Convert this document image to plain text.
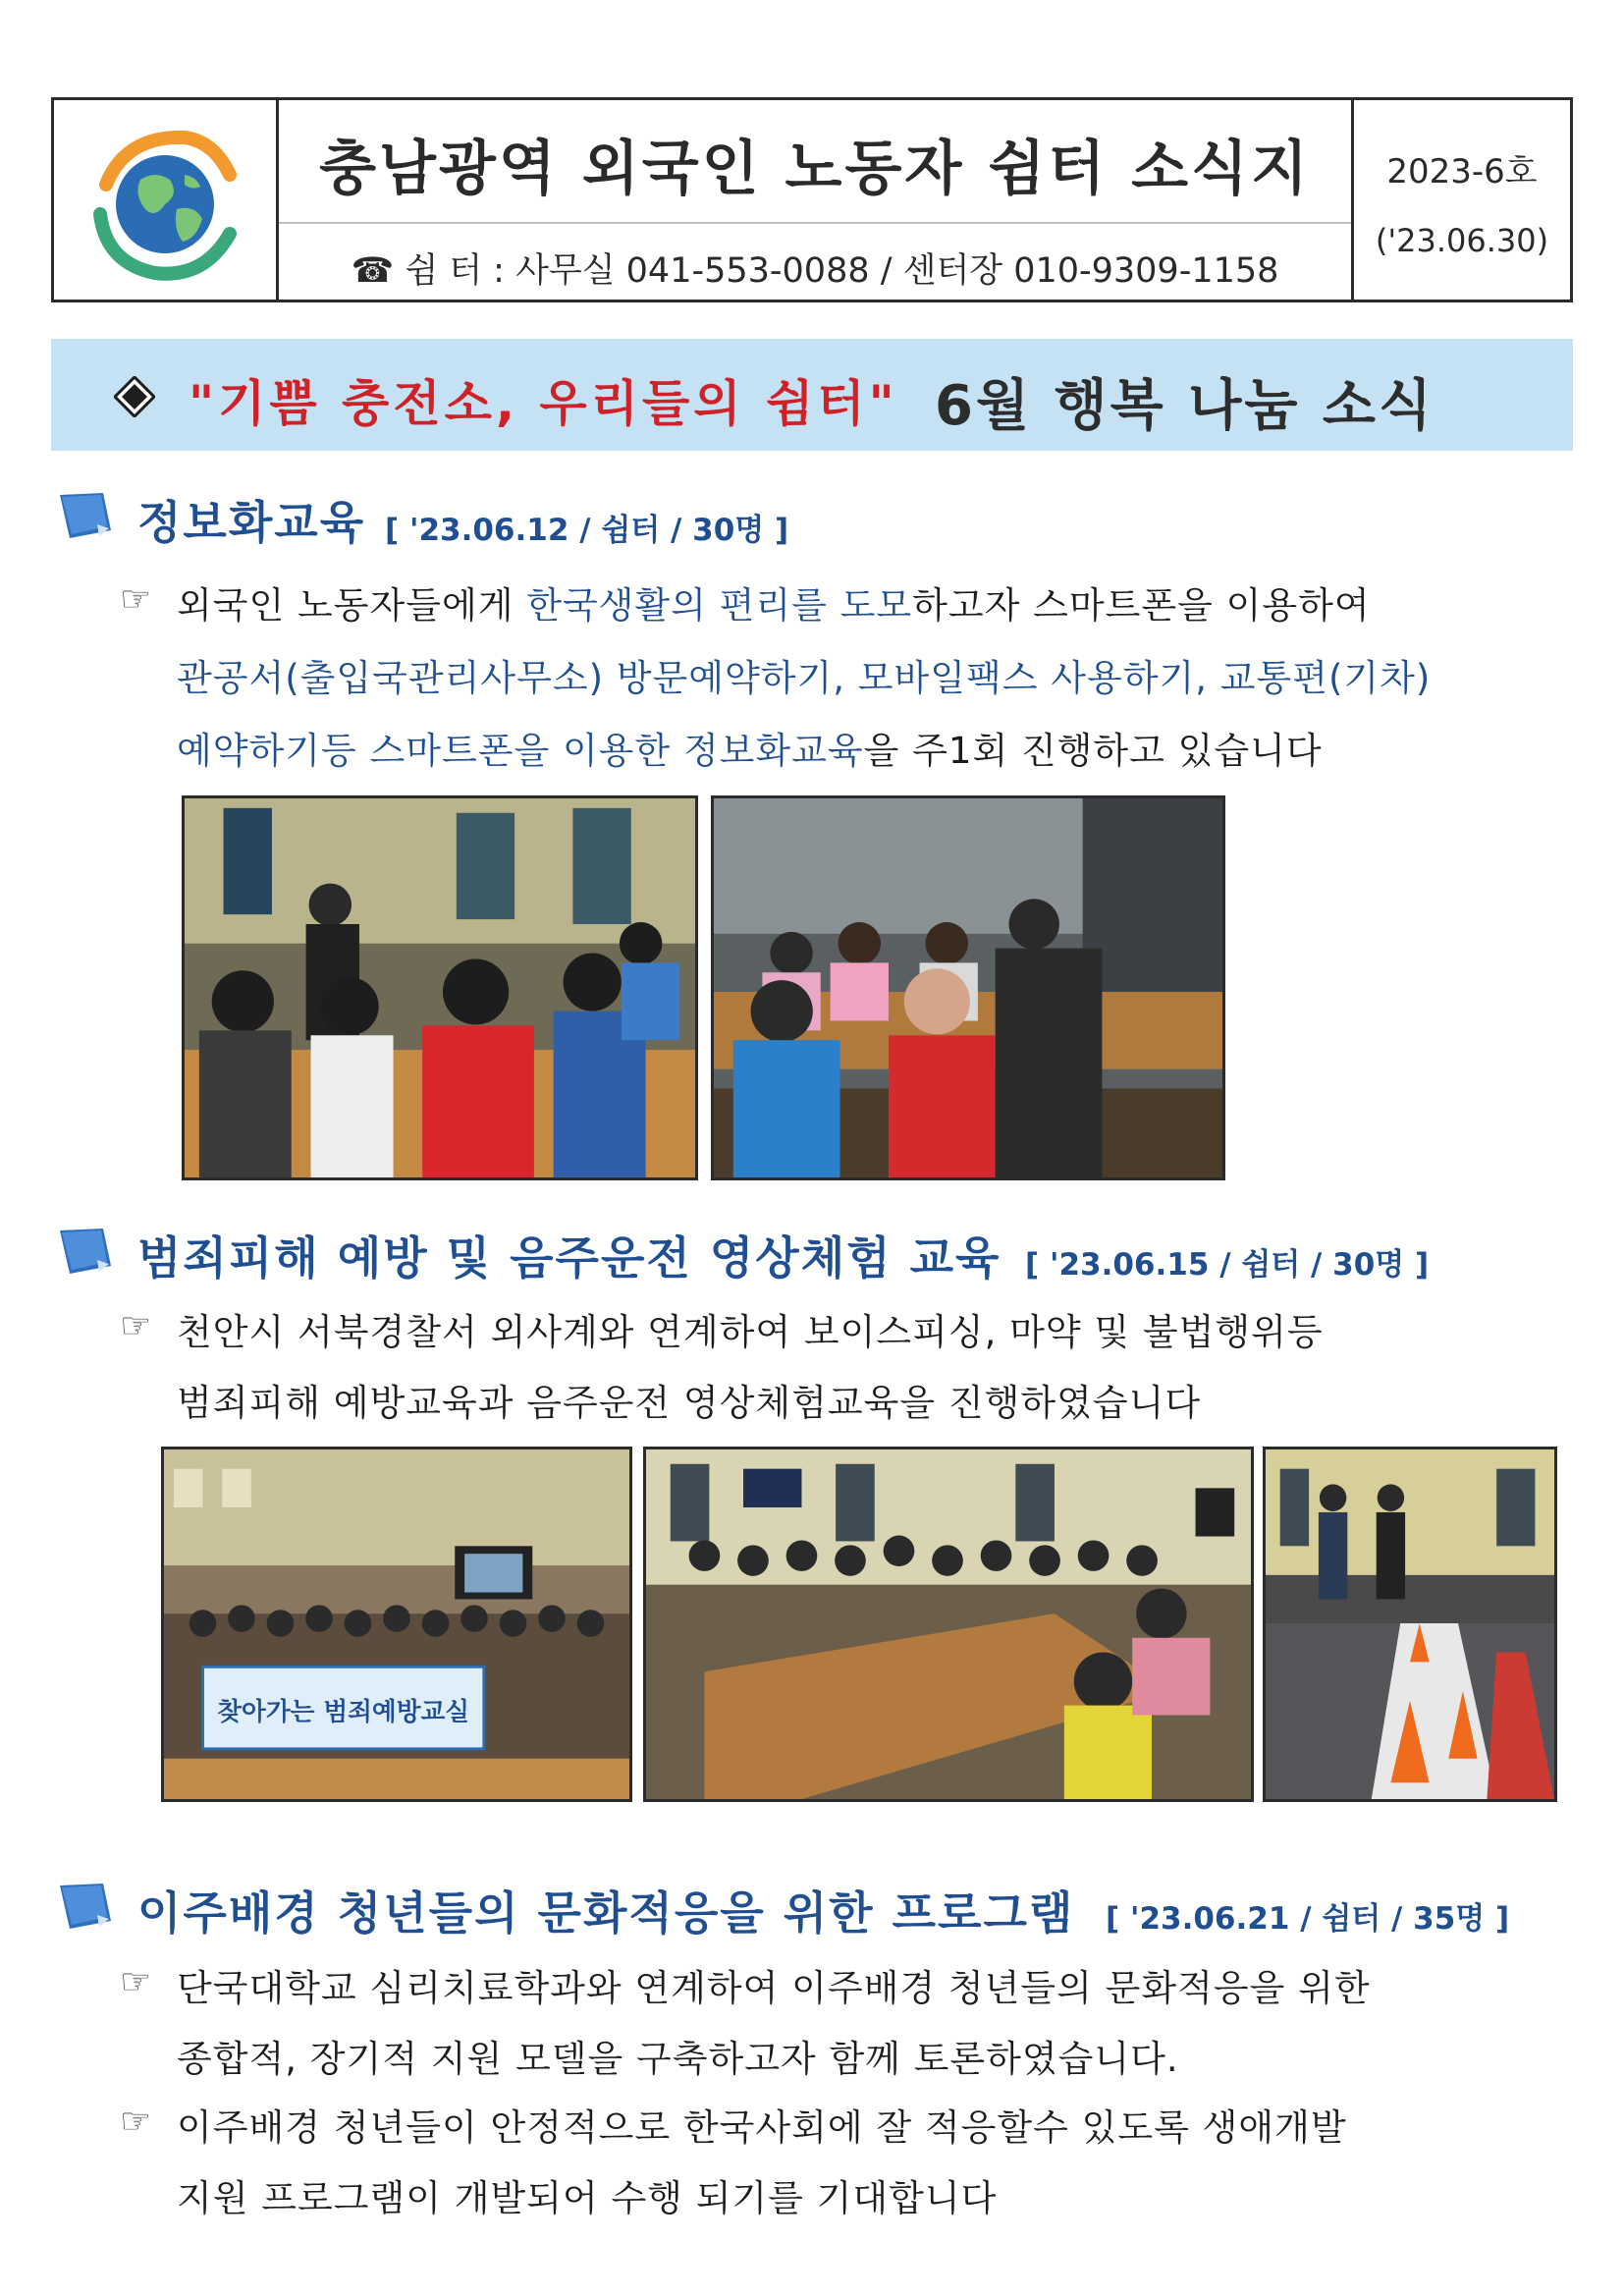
충남광역 외국인 노동자 쉼터 소식지
☎ 쉼 터 : 사무실 041-553-0088 / 센터장 010-9309-1158
2023-6호
('23.06.30)
"기쁨 충전소, 우리들의 쉼터" 6월 행복 나눔 소식
정보화교육 [ '23.06.12 / 쉼터 / 30명 ]
☞ 외국인 노동자들에게 한국생활의 편리를 도모하고자 스마트폰을 이용하여
관공서(출입국관리사무소) 방문예약하기, 모바일팩스 사용하기, 교통편(기차)
예약하기등 스마트폰을 이용한 정보화교육을 주1회 진행하고 있습니다
범죄피해 예방 및 음주운전 영상체험 교육 [ '23.06.15 / 쉼터 / 30명 ]
☞ 천안시 서북경찰서 외사계와 연계하여 보이스피싱, 마약 및 불법행위등
범죄피해 예방교육과 음주운전 영상체험교육을 진행하였습니다
찾아가는 범죄예방교실
이주배경 청년들의 문화적응을 위한 프로그램 [ '23.06.21 / 쉼터 / 35명 ]
☞ 단국대학교 심리치료학과와 연계하여 이주배경 청년들의 문화적응을 위한
종합적, 장기적 지원 모델을 구축하고자 함께 토론하였습니다.
☞ 이주배경 청년들이 안정적으로 한국사회에 잘 적응할수 있도록 생애개발
지원 프로그램이 개발되어 수행 되기를 기대합니다
